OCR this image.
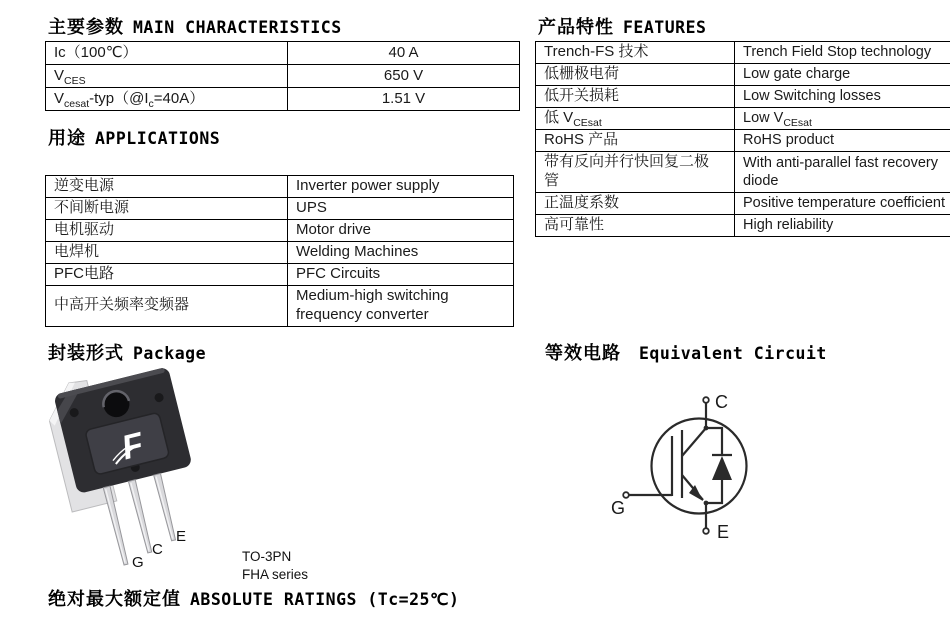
主要参数 MAIN CHARACTERISTICS
Ic（100℃）	40 A
$V_{CES}$	650 V
$V_{cesat}-typ(@I_c=40A)$	1.51 V
用途 APPLICATIONS
逆变电源	Inverter power supply
不间断电源	UPS
电机驱动	Motor drive
电焊机	Welding Machines
PFC电路	PFC Circuits
中高开关频率变频器	Medium-high switching frequency converter
产品特性 FEATURES
Trench-FS 技术	Trench Field Stop technology
低栅极电荷	Low gate charge
低开关损耗	Low Switching losses
低 $V_{CEsat}$	Low $V_{CEsat}$
RoHS 产品	RoHS product
带有反向并行快回复二极管	With anti-parallel fast recovery diode
正温度系数	Positive temperature coefficient
高可靠性	High reliability
封装形式 Package
F
G
C
E
TO-3PN
FHA series
等效电路 Equivalent Circuit
C
G
E
绝对最大额定值 ABSOLUTE RATINGS (Tc=25℃)
